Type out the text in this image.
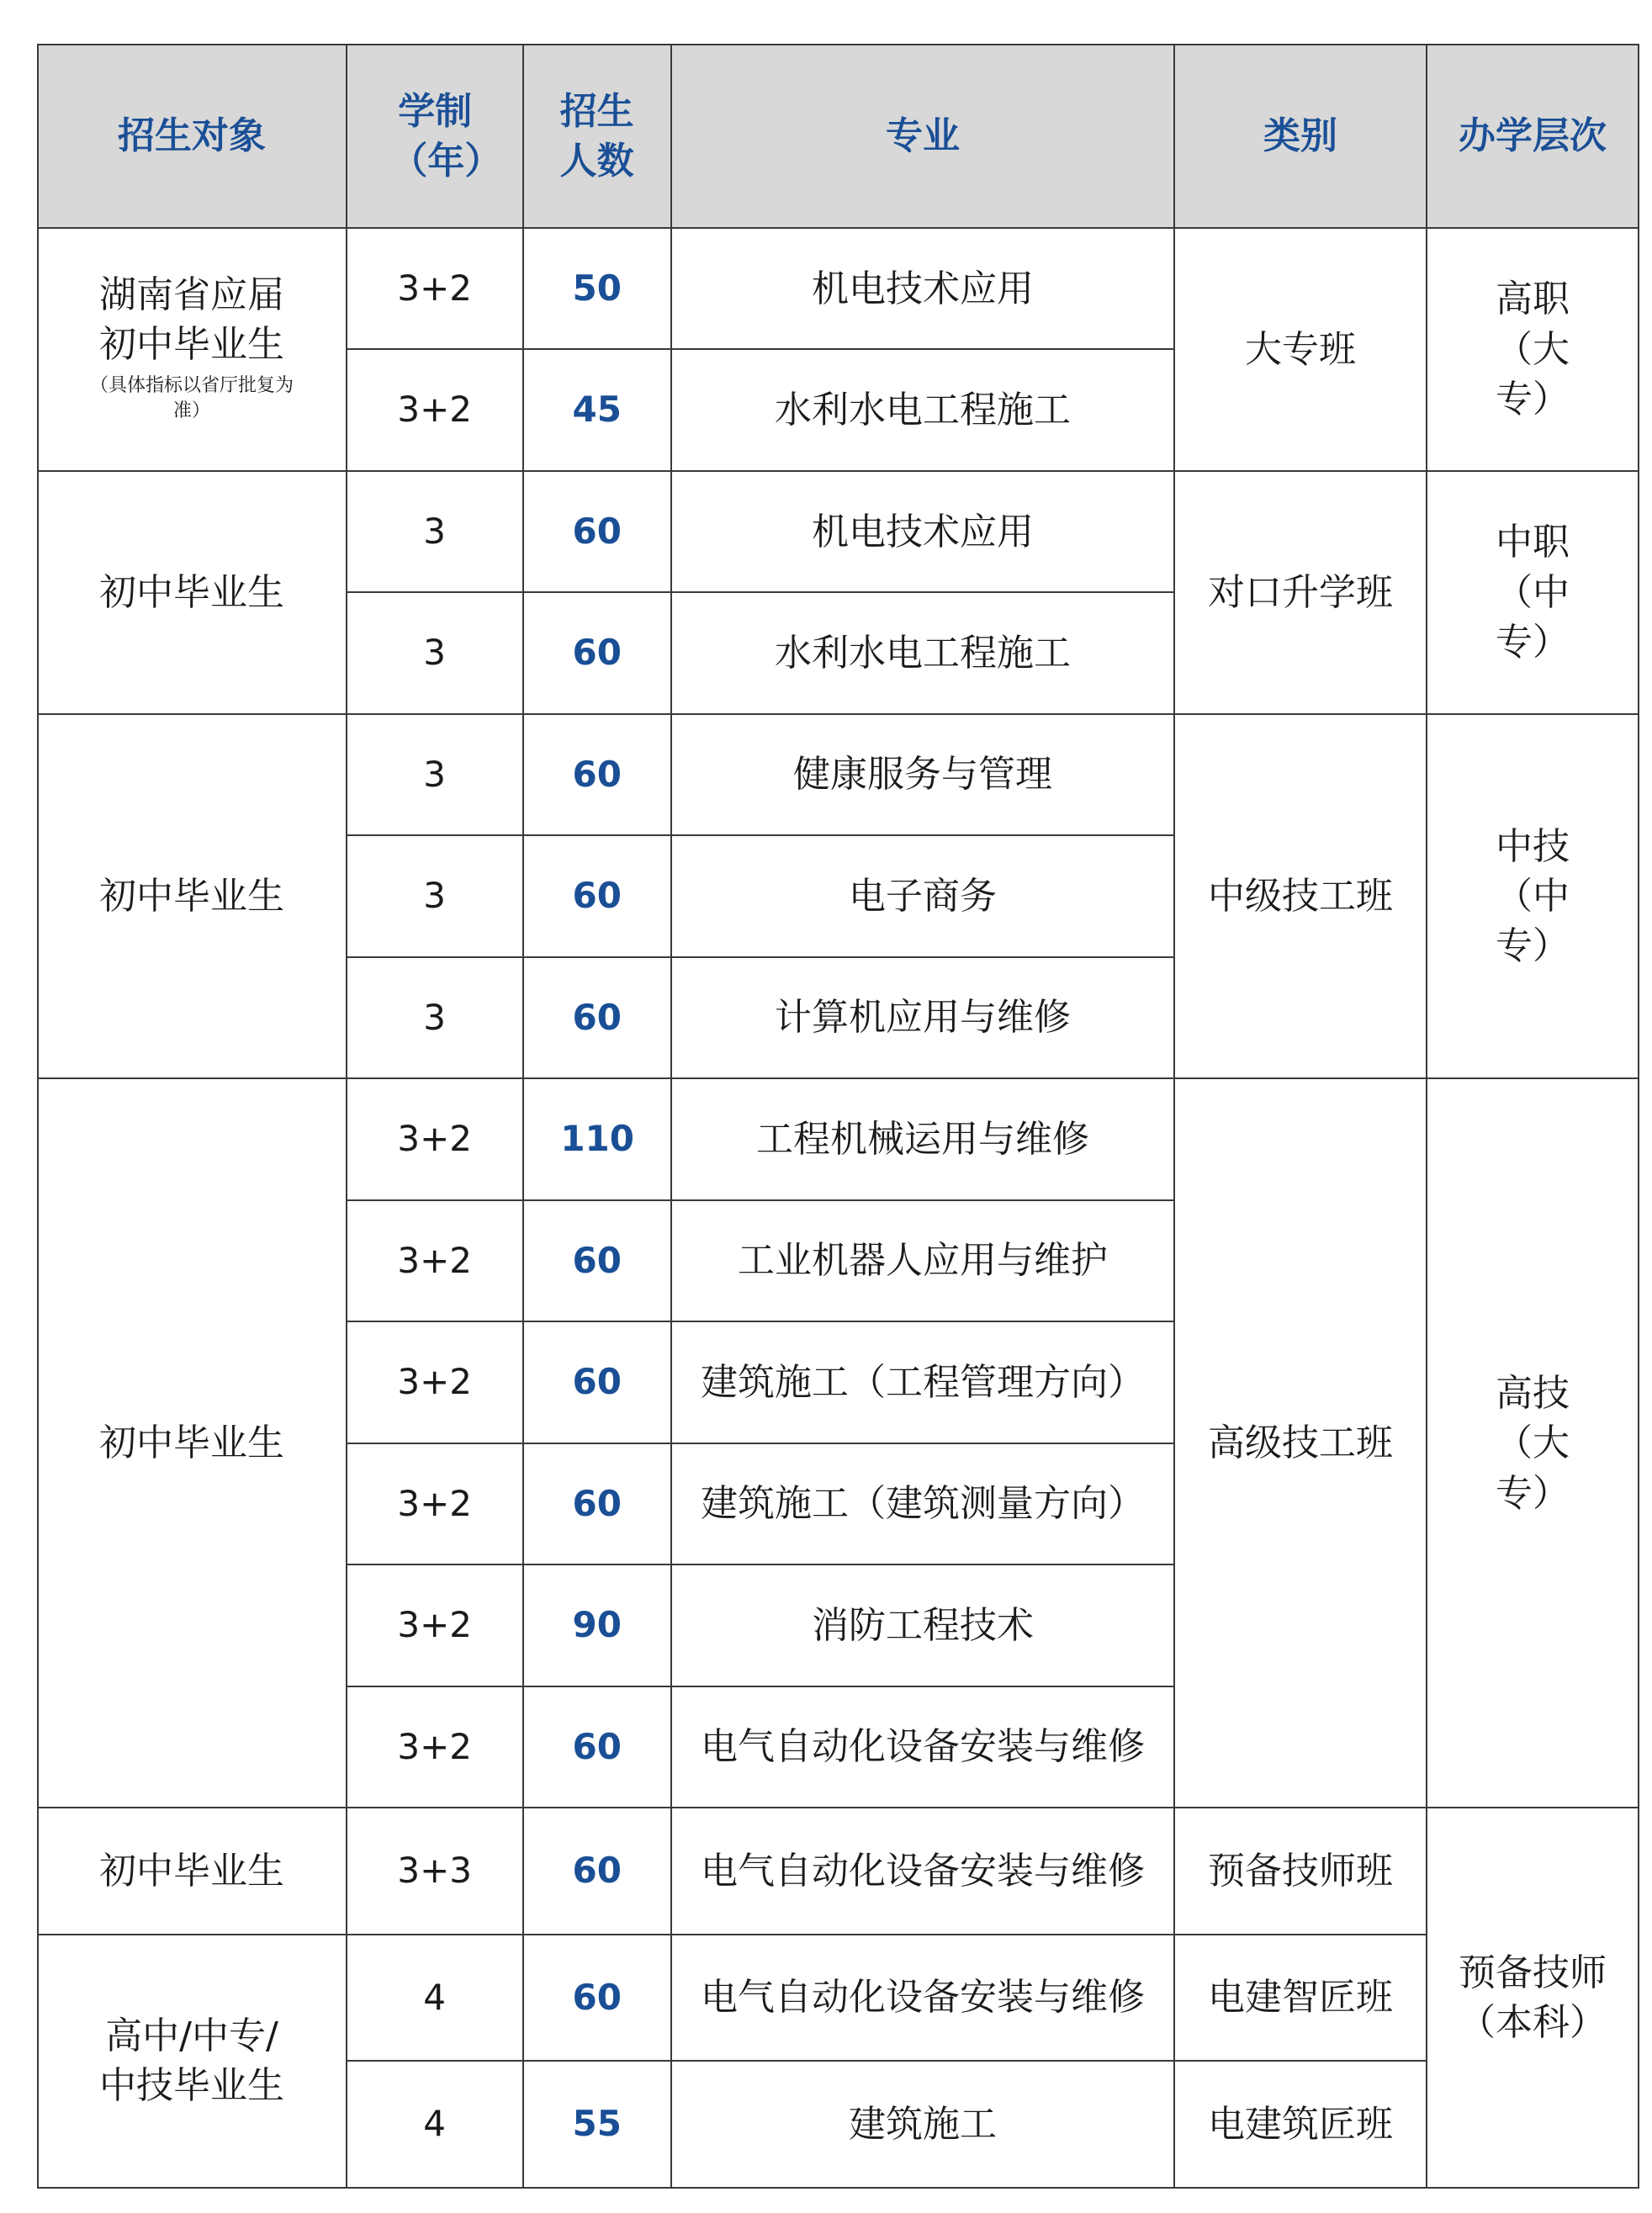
办学层次	类别	专业	招生人数	学制（年）	招生对象
高职（大专）	大专班	机电技术应用	50	3+2	湖南省应届初中毕业生
（具体指标以省厅批复为准）

		水利水电工程施工	45	3+2	
中职（中专）	对口升学班	机电技术应用	60	3	初中毕业生
		水利水电工程施工	60	3	
中技（中专）	中级技工班	健康服务与管理	60	3	初中毕业生
		电子商务	60	3	
		计算机应用与维修	60	3	
高技（大专）	高级技工班	工程机械运用与维修	110	3+2	初中毕业生
		工业机器人应用与维护	60	3+2	
		建筑施工（工程管理方向）	60	3+2	
		建筑施工（建筑测量方向）	60	3+2	
		消防工程技术	90	3+2	
		电气自动化设备安装与维修	60	3+2	
预备技师（本科）	预备技师班	电气自动化设备安装与维修	60	3+3	初中毕业生
	电建智匠班	电气自动化设备安装与维修	60	4	高中/中专/中技毕业生
	电建筑匠班	建筑施工	55	4	
